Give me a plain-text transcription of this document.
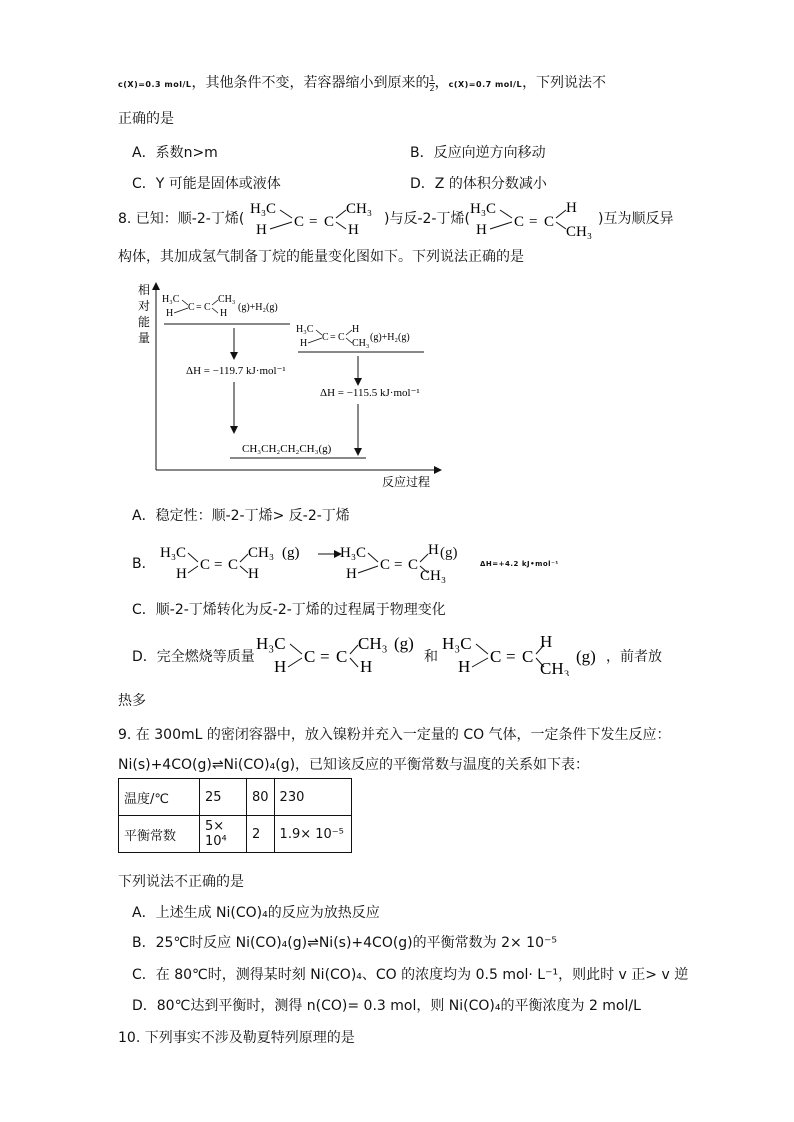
c(X)=0.3 mol/L，其他条件不变，若容器缩小到原来的 $\frac{1}{2}$ ，c(X)=0.7 mol/L，下列说法不
正确的是
A．系数n>m	B．反应向逆方向移动
C．Y 可能是固体或液体	D．Z 的体积分数减小
8. 已知：顺-2-丁烯(
H₃C
H C = C
CH₃
H
)与反-2-丁烯(
H₃C
H C = C
H
CH₃
)互为顺反异
构体，其加成氢气制备丁烷的能量变化图如下。下列说法正确的是
相
对
能
量
反应过程
H₃C
H
C = C
CH₃
H
(g)+H₂(g)
H₃C
H
C = C
H
CH₃
(g)+H₂(g)
ΔH = −119.7 kJ·mol⁻¹
ΔH = −115.5 kJ·mol⁻¹
CH₃CH₂CH₂CH₃(g)
A．稳定性：顺-2-丁烯> 反-2-丁烯
B．
H₃C
H
C = C
CH₃
H
(g)	H₃C
H
C = C
H
CH₃
(g)
ΔH=+4.2 kJ•mol⁻¹
C．顺-2-丁烯转化为反-2-丁烯的过程属于物理变化
D．完全燃烧等质量
H₃C
H
C = C
CH₃
H
(g)
和
H₃C
H
C = C
H
CH₃
(g) ，前者放
热多
9. 在 300mL 的密闭容器中，放入镍粉并充入一定量的 CO 气体，一定条件下发生反应：
Ni(s)+4CO(g)⇌Ni(CO)₄(g)，已知该反应的平衡常数与温度的关系如下表：
温度/℃	25	80	230
平衡常数	5× 10⁴	2	1.9× 10⁻⁵
下列说法不正确的是
A．上述生成 Ni(CO)₄的反应为放热反应
B．25℃时反应 Ni(CO)₄(g)⇌Ni(s)+4CO(g)的平衡常数为 2× 10⁻⁵
C．在 80℃时，测得某时刻 Ni(CO)₄、CO 的浓度均为 0.5 mol· L⁻¹，则此时 v 正> v 逆
D．80℃达到平衡时，测得 n(CO)= 0.3 mol，则 Ni(CO)₄的平衡浓度为 2 mol/L
10. 下列事实不涉及勒夏特列原理的是
